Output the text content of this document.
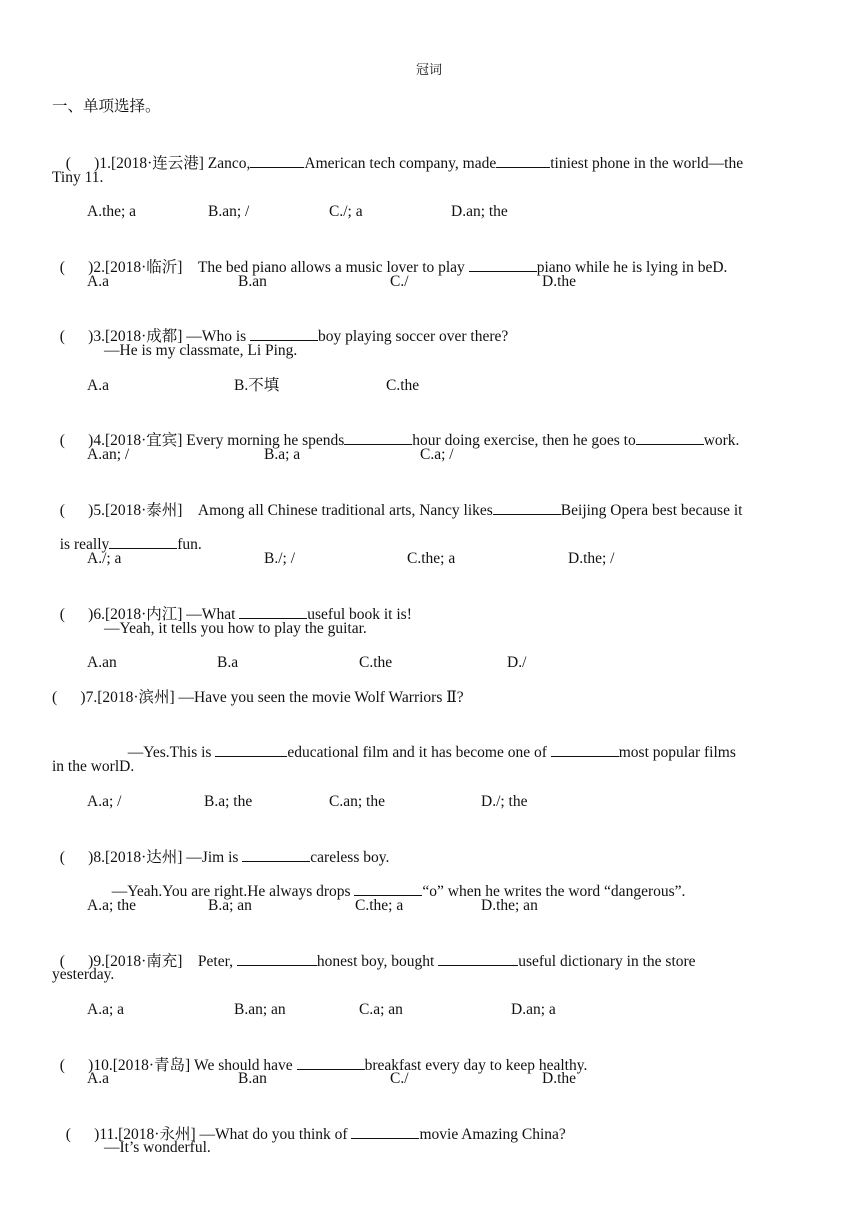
冠词
一、单项选择。

(      )1.[2018·连云港] Zanco,	American tech company, made	tiniest phone in the world—the

Tiny 11.
A.the; a	B.an; /	C./; a	D.an; the

(      )2.[2018·临沂]    The bed piano allows a music lover to play	piano while he is lying in beD.

A.a	B.an	C./	D.the

(      )3.[2018·成都] —Who is	boy playing soccer over there?

—He is my classmate, Li Ping.
A.a	B.不填	C.the

(      )4.[2018·宜宾] Every morning he spends	hour doing exercise, then he goes to	work.

A.an; /	B.a; a	C.a; /

(      )5.[2018·泰州]    Among all Chinese traditional arts, Nancy likes	Beijing Opera best because it

is really	fun.

A./; a	B./; /	C.the; a	D.the; /

(      )6.[2018·内江] —What	useful book it is!

—Yeah, it tells you how to play the guitar.
A.an	B.a	C.the	D./
(      )7.[2018·滨州] —Have you seen the movie Wolf Warriors Ⅱ?

—Yes.This is	educational film and it has become one of	most popular films

in the worlD.
A.a; /	B.a; the	C.an; the	D./; the

(      )8.[2018·达州] —Jim is	careless boy.

—Yeah.You are right.He always drops	“o” when he writes the word “dangerous”.

A.a; the	B.a; an	C.the; a	D.the; an

(      )9.[2018·南充]    Peter,	honest boy, bought	useful dictionary in the store

yesterday.
A.a; a	B.an; an	C.a; an	D.an; a

(      )10.[2018·青岛] We should have	breakfast every day to keep healthy.

A.a	B.an	C./	D.the

(      )11.[2018·永州] —What do you think of	movie Amazing China?

—It’s wonderful.
